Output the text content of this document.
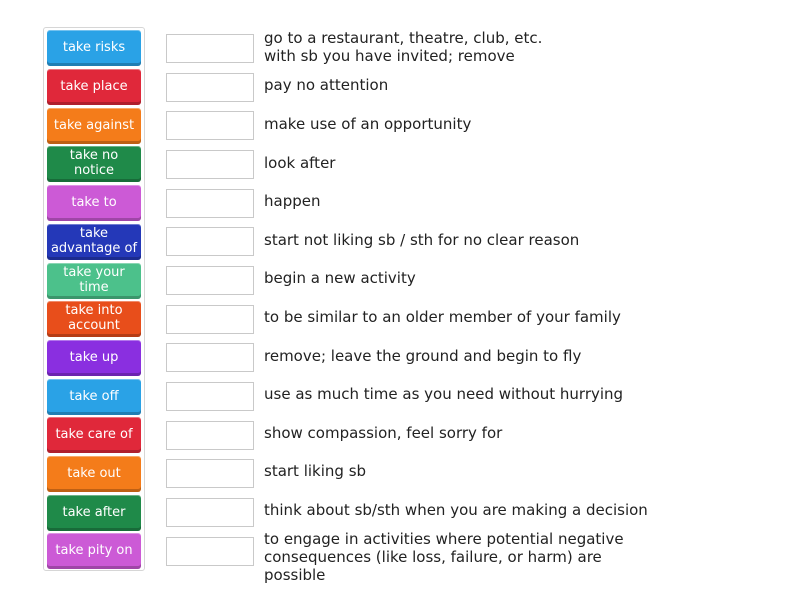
take risks
take place
take against
take no notice
take to
take advantage of
take your time
take into account
take up
take off
take care of
take out
take after
take pity on
go to a restaurant, theatre, club, etc. with sb you have invited; remove
pay no attention
make use of an opportunity
look after
happen
start not liking sb / sth for no clear reason
begin a new activity
to be similar to an older member of your family
remove; leave the ground and begin to fly
use as much time as you need without hurrying
show compassion, feel sorry for
start liking sb
think about sb/sth when you are making a decision
to engage in activities where potential negative consequences (like loss, failure, or harm) are possible
